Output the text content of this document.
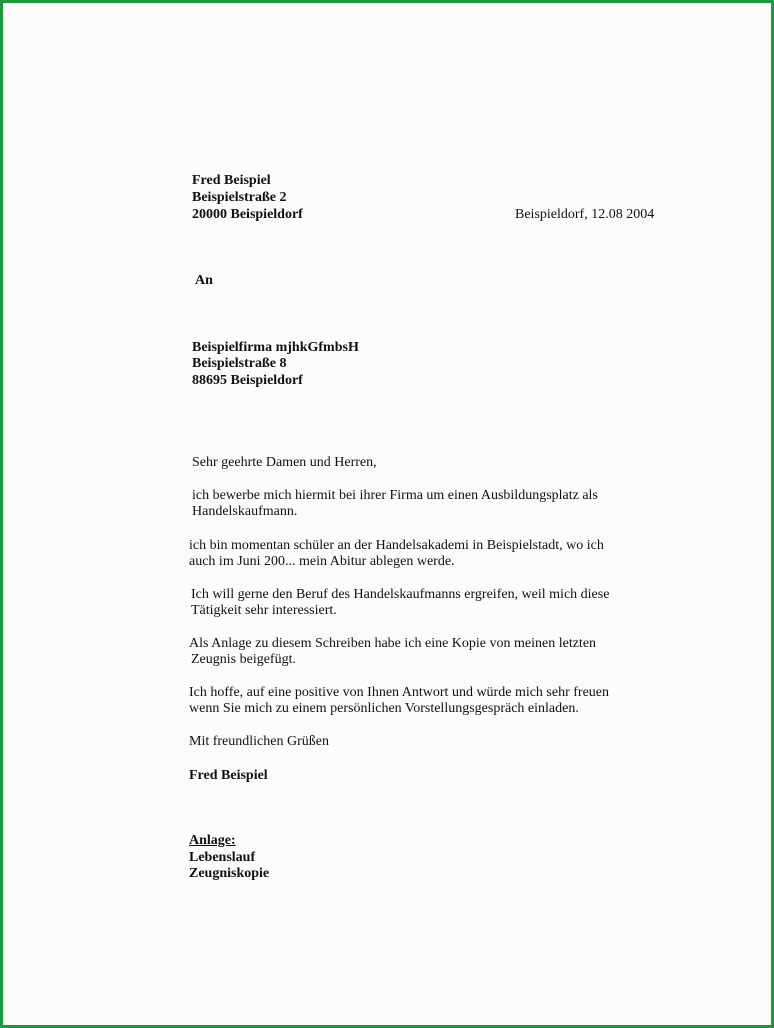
Fred Beispiel
Beispielstraße 2
20000 Beispieldorf	Beispieldorf, 12.08 2004
An
Beispielfirma mjhkGfmbsH
Beispielstraße 8
88695 Beispieldorf
Sehr geehrte Damen und Herren,
ich bewerbe mich hiermit bei ihrer Firma um einen Ausbildungsplatz als
Handelskaufmann.
ich bin momentan schüler an der Handelsakademi in Beispielstadt, wo ich
auch im Juni 200... mein Abitur ablegen werde.
Ich will gerne den Beruf des Handelskaufmanns ergreifen, weil mich diese
Tätigkeit sehr interessiert.
Als Anlage zu diesem Schreiben habe ich eine Kopie von meinen letzten
Zeugnis beigefügt.
Ich hoffe, auf eine positive von Ihnen Antwort und würde mich sehr freuen
wenn Sie mich zu einem persönlichen Vorstellungsgespräch einladen.
Mit freundlichen Grüßen
Fred Beispiel
Anlage:
Lebenslauf
Zeugniskopie
